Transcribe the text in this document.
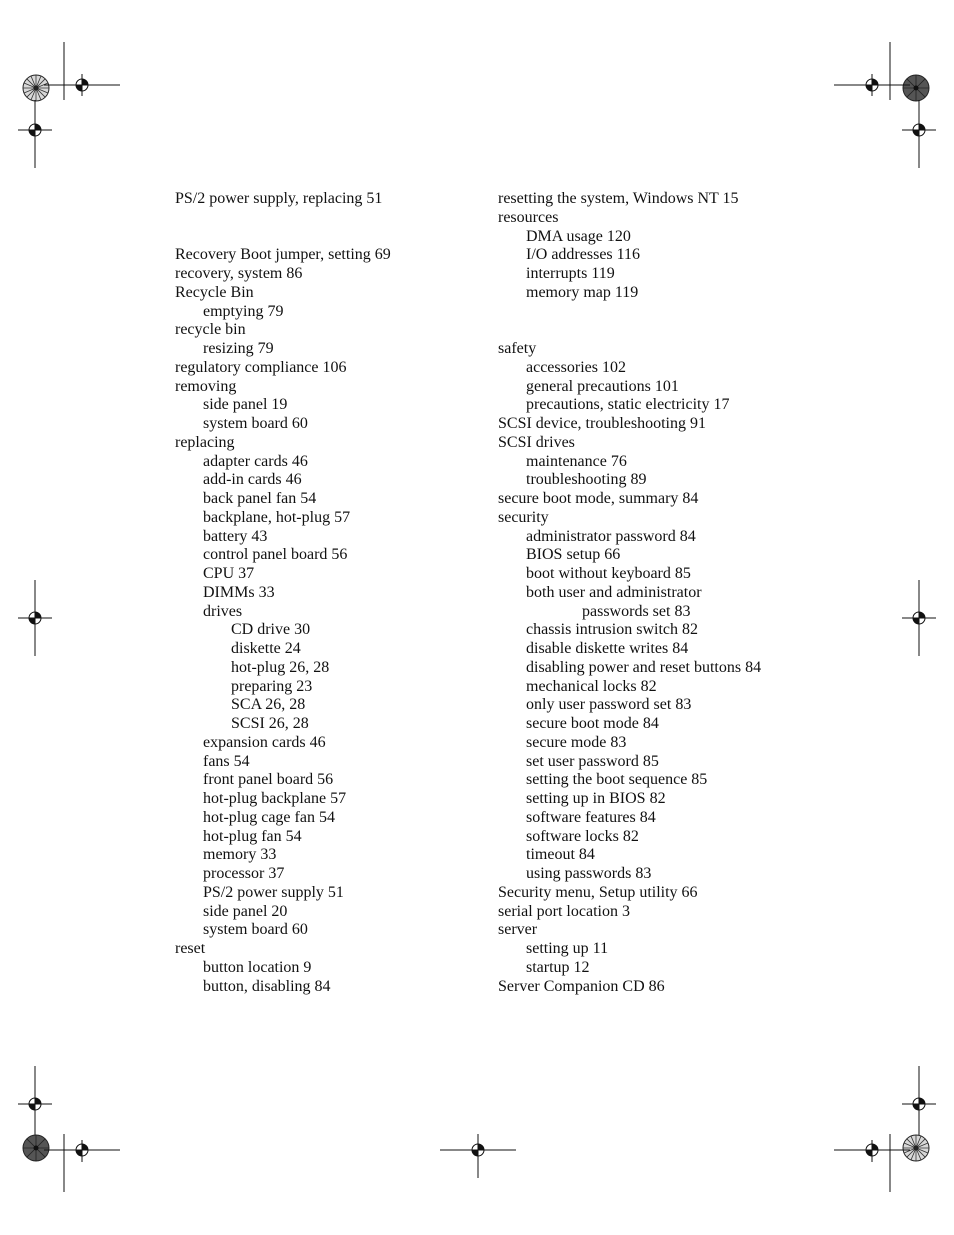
PS/2 power supply, replacing 51
Recovery Boot jumper, setting 69
recovery, system 86
Recycle Bin
emptying 79
recycle bin
resizing 79
regulatory compliance 106
removing
side panel 19
system board 60
replacing
adapter cards 46
add-in cards 46
back panel fan 54
backplane, hot-plug 57
battery 43
control panel board 56
CPU 37
DIMMs 33
drives
CD drive 30
diskette 24
hot-plug 26, 28
preparing 23
SCA 26, 28
SCSI 26, 28
expansion cards 46
fans 54
front panel board 56
hot-plug backplane 57
hot-plug cage fan 54
hot-plug fan 54
memory 33
processor 37
PS/2 power supply 51
side panel 20
system board 60
reset
button location 9
button, disabling 84
resetting the system, Windows NT 15
resources
DMA usage 120
I/O addresses 116
interrupts 119
memory map 119
safety
accessories 102
general precautions 101
precautions, static electricity 17
SCSI device, troubleshooting 91
SCSI drives
maintenance 76
troubleshooting 89
secure boot mode, summary 84
security
administrator password 84
BIOS setup 66
boot without keyboard 85
both user and administrator
passwords set 83
chassis intrusion switch 82
disable diskette writes 84
disabling power and reset buttons 84
mechanical locks 82
only user password set 83
secure boot mode 84
secure mode 83
set user password 85
setting the boot sequence 85
setting up in BIOS 82
software features 84
software locks 82
timeout 84
using passwords 83
Security menu, Setup utility 66
serial port location 3
server
setting up 11
startup 12
Server Companion CD 86
